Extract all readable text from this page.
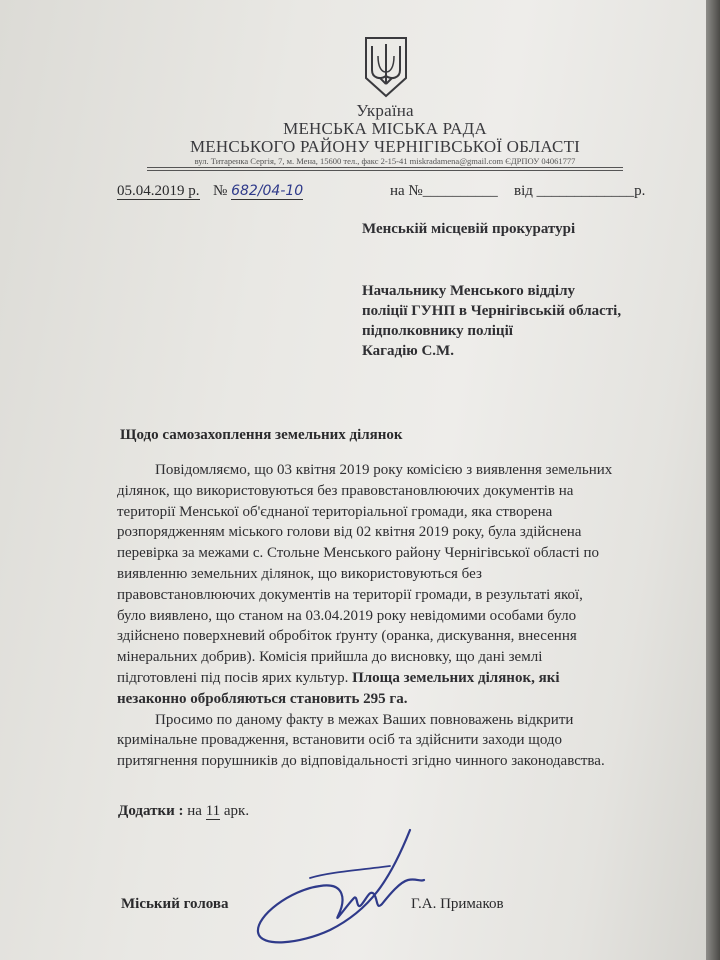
Україна
МЕНСЬКА МІСЬКА РАДА
МЕНСЬКОГО РАЙОНУ ЧЕРНІГІВСЬКОЇ ОБЛАСТІ
вул. Титаренка Сергія, 7, м. Мена, 15600 тел., факс 2-15-41 miskradamena@gmail.com ЄДРПОУ 04061777
05.04.2019 р. № 682/04-10	на №__________ від _____________р.
Менській місцевій прокуратурі
Начальнику Менського відділу
поліції ГУНП в Чернігівській області,
підполковнику поліції
Кагадію С.М.
Щодо самозахоплення земельних ділянок
Повідомляємо, що 03 квітня 2019 року комісією з виявлення земельних
ділянок, що використовуються без правовстановлюючих документів на
території Менської об'єднаної територіальної громади, яка створена
розпорядженням міського голови від 02 квітня 2019 року, була здійснена
перевірка за межами с. Стольне Менського району Чернігівської області по
виявленню земельних ділянок, що використовуються без
правовстановлюючих документів на території громади, в результаті якої,
було виявлено, що станом на 03.04.2019 року невідомими особами було
здійснено поверхневий обробіток ґрунту (оранка, дискування, внесення
мінеральних добрив). Комісія прийшла до висновку, що дані землі
підготовлені під посів ярих культур. Площа земельних ділянок, які
незаконно обробляються становить 295 га.
Просимо по даному факту в межах Ваших повноважень відкрити
кримінальне провадження, встановити осіб та здійснити заходи щодо
притягнення порушників до відповідальності згідно чинного законодавства.
Додатки : на 11 арк.
Міський голова	Г.А. Примаков
